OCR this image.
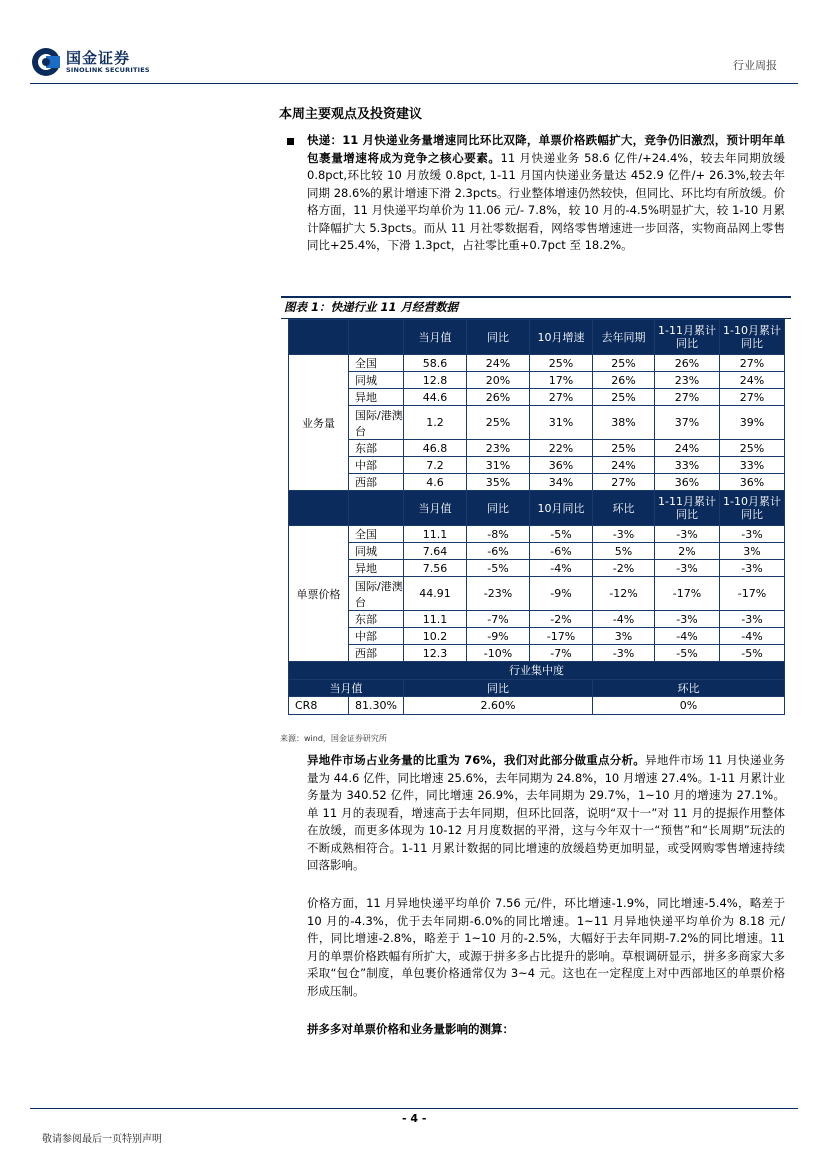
国金证券
SINOLINK SECURITIES	行业周报
本周主要观点及投资建议
快递：11 月快递业务量增速同比环比双降，单票价格跌幅扩大，竞争仍旧激烈，预计明年单包裹量增速将成为竞争之核心要素。11 月快递业务 58.6 亿件/+24.4%，较去年同期放缓 0.8pct,环比较 10 月放缓 0.8pct, 1-11 月国内快递业务量达 452.9 亿件/+ 26.3%,较去年同期 28.6%的累计增速下滑 2.3pcts。行业整体增速仍然较快，但同比、环比均有所放缓。价格方面，11 月快递平均单价为 11.06 元/- 7.8%，较 10 月的-4.5%明显扩大，较 1-10 月累计降幅扩大 5.3pcts。而从 11 月社零数据看，网络零售增速进一步回落，实物商品网上零售同比+25.4%，下滑 1.3pct，占社零比重+0.7pct 至 18.2%。
图表 1：快递行业 11 月经营数据
		当月值	同比	10月增速	去年同期	1-11月累计同比	1-10月累计同比
业务量	全国	58.6	24%	25%	25%	26%	27%
	同城	12.8	20%	17%	26%	23%	24%
	异地	44.6	26%	27%	25%	27%	27%
	国际/港澳台	1.2	25%	31%	38%	37%	39%
	东部	46.8	23%	22%	25%	24%	25%
	中部	7.2	31%	36%	24%	33%	33%
	西部	4.6	35%	34%	27%	36%	36%
		当月值	同比	10月同比	环比	1-11月累计同比	1-10月累计同比
单票价格	全国	11.1	-8%	-5%	-3%	-3%	-3%
	同城	7.64	-6%	-6%	5%	2%	3%
	异地	7.56	-5%	-4%	-2%	-3%	-3%
	国际/港澳台	44.91	-23%	-9%	-12%	-17%	-17%
	东部	11.1	-7%	-2%	-4%	-3%	-3%
	中部	10.2	-9%	-17%	3%	-4%	-4%
	西部	12.3	-10%	-7%	-3%	-5%	-5%
行业集中度							
当月值		同比			环比		
CR8	81.30%	2.60%			0%		
来源：wind，国金证券研究所
异地件市场占业务量的比重为 76%，我们对此部分做重点分析。异地件市场 11 月快递业务量为 44.6 亿件，同比增速 25.6%，去年同期为 24.8%，10 月增速 27.4%。1-11 月累计业务量为 340.52 亿件，同比增速 26.9%，去年同期为 29.7%，1~10 月的增速为 27.1%。单 11 月的表现看，增速高于去年同期，但环比回落，说明“双十一”对 11 月的提振作用整体在放缓，而更多体现为 10-12 月月度数据的平滑，这与今年双十一“预售”和“长周期”玩法的不断成熟相符合。1-11 月累计数据的同比增速的放缓趋势更加明显，或受网购零售增速持续回落影响。
价格方面，11 月异地快递平均单价 7.56 元/件，环比增速-1.9%，同比增速-5.4%，略差于 10 月的-4.3%，优于去年同期-6.0%的同比增速。1~11 月异地快递平均单价为 8.18 元/件，同比增速-2.8%，略差于 1~10 月的-2.5%，大幅好于去年同期-7.2%的同比增速。11 月的单票价格跌幅有所扩大，或源于拼多多占比提升的影响。草根调研显示，拼多多商家大多采取“包仓”制度，单包裹价格通常仅为 3~4 元。这也在一定程度上对中西部地区的单票价格形成压制。
拼多多对单票价格和业务量影响的测算：
- 4 -
敬请参阅最后一页特别声明
